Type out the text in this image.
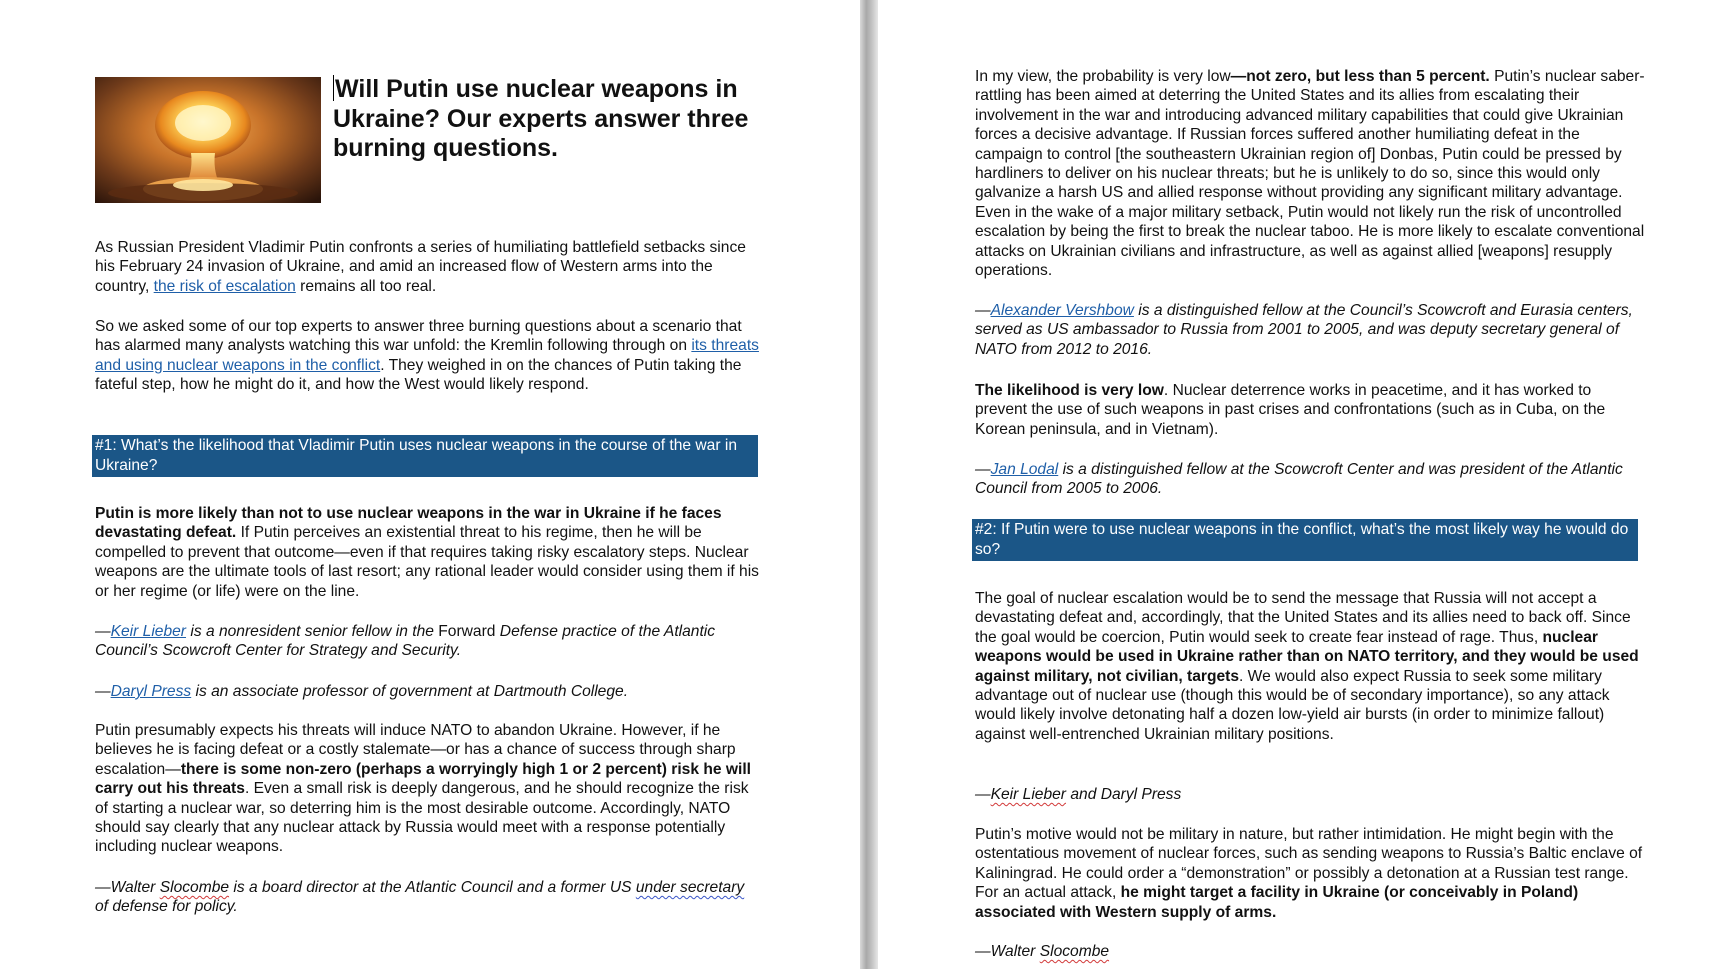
Will Putin use nuclear weapons in Ukraine? Our experts answer three burning questions.

As Russian President Vladimir Putin confronts a series of humiliating battlefield setbacks since his February 24 invasion of Ukraine, and amid an increased flow of Western arms into the country, the risk of escalation remains all too real.

So we asked some of our top experts to answer three burning questions about a scenario that has alarmed many analysts watching this war unfold: the Kremlin following through on its threats and using nuclear weapons in the conflict. They weighed in on the chances of Putin taking the fateful step, how he might do it, and how the West would likely respond.

#1: What’s the likelihood that Vladimir Putin uses nuclear weapons in the course of the war in Ukraine?

Putin is more likely than not to use nuclear weapons in the war in Ukraine if he faces devastating defeat. If Putin perceives an existential threat to his regime, then he will be compelled to prevent that outcome—even if that requires taking risky escalatory steps. Nuclear weapons are the ultimate tools of last resort; any rational leader would consider using them if his or her regime (or life) were on the line.

—Keir Lieber is a nonresident senior fellow in the Forward Defense practice of the Atlantic Council’s Scowcroft Center for Strategy and Security.

—Daryl Press is an associate professor of government at Dartmouth College.

Putin presumably expects his threats will induce NATO to abandon Ukraine. However, if he believes he is facing defeat or a costly stalemate—or has a chance of success through sharp escalation—there is some non-zero (perhaps a worryingly high 1 or 2 percent) risk he will carry out his threats. Even a small risk is deeply dangerous, and he should recognize the risk of starting a nuclear war, so deterring him is the most desirable outcome. Accordingly, NATO should say clearly that any nuclear attack by Russia would meet with a response potentially including nuclear weapons.

—Walter Slocombe is a board director at the Atlantic Council and a former US under secretary of defense for policy.

In my view, the probability is very low—not zero, but less than 5 percent. Putin’s nuclear saber-rattling has been aimed at deterring the United States and its allies from escalating their involvement in the war and introducing advanced military capabilities that could give Ukrainian forces a decisive advantage. If Russian forces suffered another humiliating defeat in the campaign to control [the southeastern Ukrainian region of] Donbas, Putin could be pressed by hardliners to deliver on his nuclear threats; but he is unlikely to do so, since this would only galvanize a harsh US and allied response without providing any significant military advantage. Even in the wake of a major military setback, Putin would not likely run the risk of uncontrolled escalation by being the first to break the nuclear taboo. He is more likely to escalate conventional attacks on Ukrainian civilians and infrastructure, as well as against allied [weapons] resupply operations.

—Alexander Vershbow is a distinguished fellow at the Council’s Scowcroft and Eurasia centers, served as US ambassador to Russia from 2001 to 2005, and was deputy secretary general of NATO from 2012 to 2016.

The likelihood is very low. Nuclear deterrence works in peacetime, and it has worked to prevent the use of such weapons in past crises and confrontations (such as in Cuba, on the Korean peninsula, and in Vietnam).

—Jan Lodal is a distinguished fellow at the Scowcroft Center and was president of the Atlantic Council from 2005 to 2006.

#2: If Putin were to use nuclear weapons in the conflict, what’s the most likely way he would do so?

The goal of nuclear escalation would be to send the message that Russia will not accept a devastating defeat and, accordingly, that the United States and its allies need to back off. Since the goal would be coercion, Putin would seek to create fear instead of rage. Thus, nuclear weapons would be used in Ukraine rather than on NATO territory, and they would be used against military, not civilian, targets. We would also expect Russia to seek some military advantage out of nuclear use (though this would be of secondary importance), so any attack would likely involve detonating half a dozen low-yield air bursts (in order to minimize fallout) against well-entrenched Ukrainian military positions.

—Keir Lieber and Daryl Press

Putin’s motive would not be military in nature, but rather intimidation. He might begin with the ostentatious movement of nuclear forces, such as sending weapons to Russia’s Baltic enclave of Kaliningrad. He could order a “demonstration” or possibly a detonation at a Russian test range. For an actual attack, he might target a facility in Ukraine (or conceivably in Poland) associated with Western supply of arms.

—Walter Slocombe
